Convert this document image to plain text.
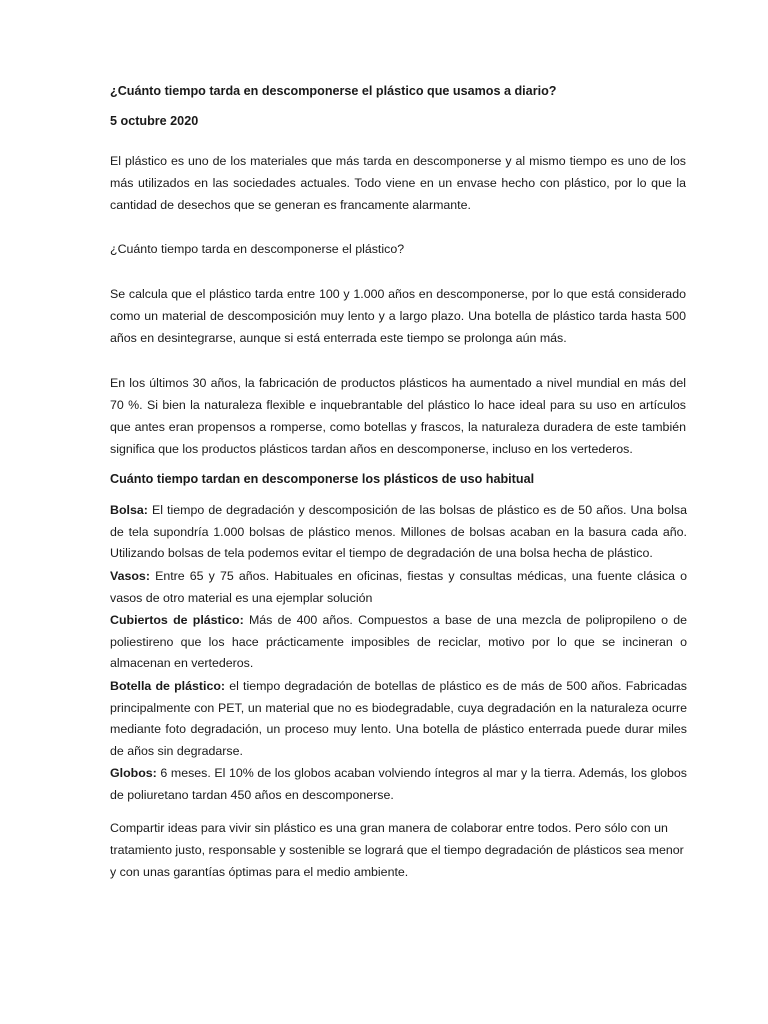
¿Cuánto tiempo tarda en descomponerse el plástico que usamos a diario?

5 octubre 2020

El plástico es uno de los materiales que más tarda en descomponerse y al mismo tiempo es uno de los más utilizados en las sociedades actuales. Todo viene en un envase hecho con plástico, por lo que la cantidad de desechos que se generan es francamente alarmante.

¿Cuánto tiempo tarda en descomponerse el plástico?

Se calcula que el plástico tarda entre 100 y 1.000 años en descomponerse, por lo que está considerado como un material de descomposición muy lento y a largo plazo. Una botella de plástico tarda hasta 500 años en desintegrarse, aunque si está enterrada este tiempo se prolonga aún más.

En los últimos 30 años, la fabricación de productos plásticos ha aumentado a nivel mundial en más del 70 %. Si bien la naturaleza flexible e inquebrantable del plástico lo hace ideal para su uso en artículos que antes eran propensos a romperse, como botellas y frascos, la naturaleza duradera de este también significa que los productos plásticos tardan años en descomponerse, incluso en los vertederos.

Cuánto tiempo tardan en descomponerse los plásticos de uso habitual

Bolsa: El tiempo de degradación y descomposición de las bolsas de plástico es de 50 años. Una bolsa de tela supondría 1.000 bolsas de plástico menos. Millones de bolsas acaban en la basura cada año. Utilizando bolsas de tela podemos evitar el tiempo de degradación de una bolsa hecha de plástico.

Vasos: Entre 65 y 75 años. Habituales en oficinas, fiestas y consultas médicas, una fuente clásica o vasos de otro material es una ejemplar solución

Cubiertos de plástico: Más de 400 años. Compuestos a base de una mezcla de polipropileno o de poliestireno que los hace prácticamente imposibles de reciclar, motivo por lo que se incineran o almacenan en vertederos.

Botella de plástico: el tiempo degradación de botellas de plástico es de más de 500 años. Fabricadas principalmente con PET, un material que no es biodegradable, cuya degradación en la naturaleza ocurre mediante foto degradación, un proceso muy lento. Una botella de plástico enterrada puede durar miles de años sin degradarse.

Globos: 6 meses. El 10% de los globos acaban volviendo íntegros al mar y la tierra. Además, los globos de poliuretano tardan 450 años en descomponerse.

Compartir ideas para vivir sin plástico es una gran manera de colaborar entre todos. Pero sólo con un tratamiento justo, responsable y sostenible se logrará que el tiempo degradación de plásticos sea menor y con unas garantías óptimas para el medio ambiente.
